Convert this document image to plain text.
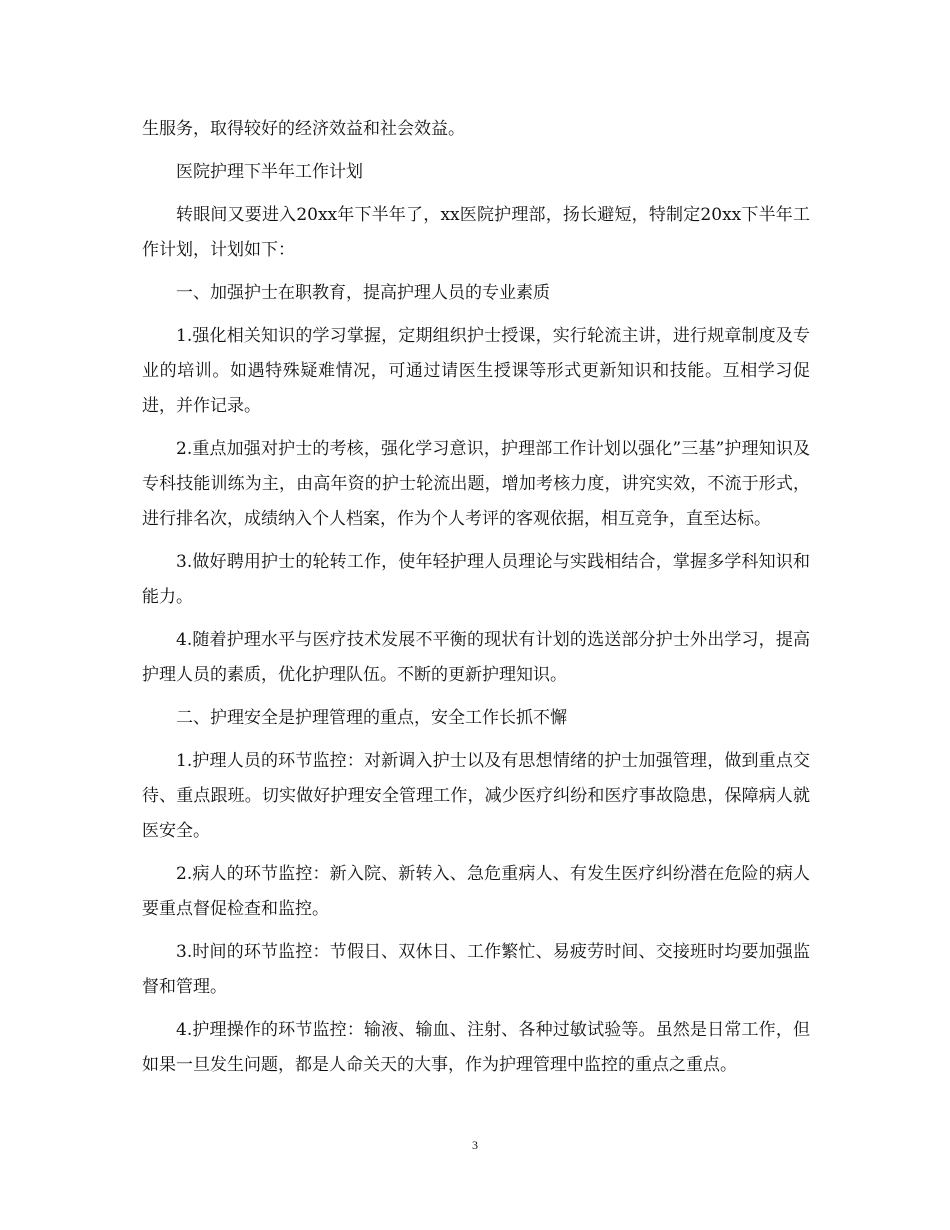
生服务，取得较好的经济效益和社会效益。

医院护理下半年工作计划

转眼间又要进入20xx年下半年了，xx医院护理部，扬长避短，特制定20xx下半年工作计划，计划如下：

一、加强护士在职教育，提高护理人员的专业素质

1.强化相关知识的学习掌握，定期组织护士授课，实行轮流主讲，进行规章制度及专业的培训。如遇特殊疑难情况，可通过请医生授课等形式更新知识和技能。互相学习促进，并作记录。

2.重点加强对护士的考核，强化学习意识，护理部工作计划以强化”三基”护理知识及专科技能训练为主，由高年资的护士轮流出题，增加考核力度，讲究实效，不流于形式，进行排名次，成绩纳入个人档案，作为个人考评的客观依据，相互竞争，直至达标。

3.做好聘用护士的轮转工作，使年轻护理人员理论与实践相结合，掌握多学科知识和能力。

4.随着护理水平与医疗技术发展不平衡的现状有计划的选送部分护士外出学习，提高护理人员的素质，优化护理队伍。不断的更新护理知识。

二、护理安全是护理管理的重点，安全工作长抓不懈

1.护理人员的环节监控：对新调入护士以及有思想情绪的护士加强管理，做到重点交待、重点跟班。切实做好护理安全管理工作，减少医疗纠纷和医疗事故隐患，保障病人就医安全。

2.病人的环节监控：新入院、新转入、急危重病人、有发生医疗纠纷潜在危险的病人要重点督促检查和监控。

3.时间的环节监控：节假日、双休日、工作繁忙、易疲劳时间、交接班时均要加强监督和管理。

4.护理操作的环节监控：输液、输血、注射、各种过敏试验等。虽然是日常工作，但如果一旦发生问题，都是人命关天的大事，作为护理管理中监控的重点之重点。

3
